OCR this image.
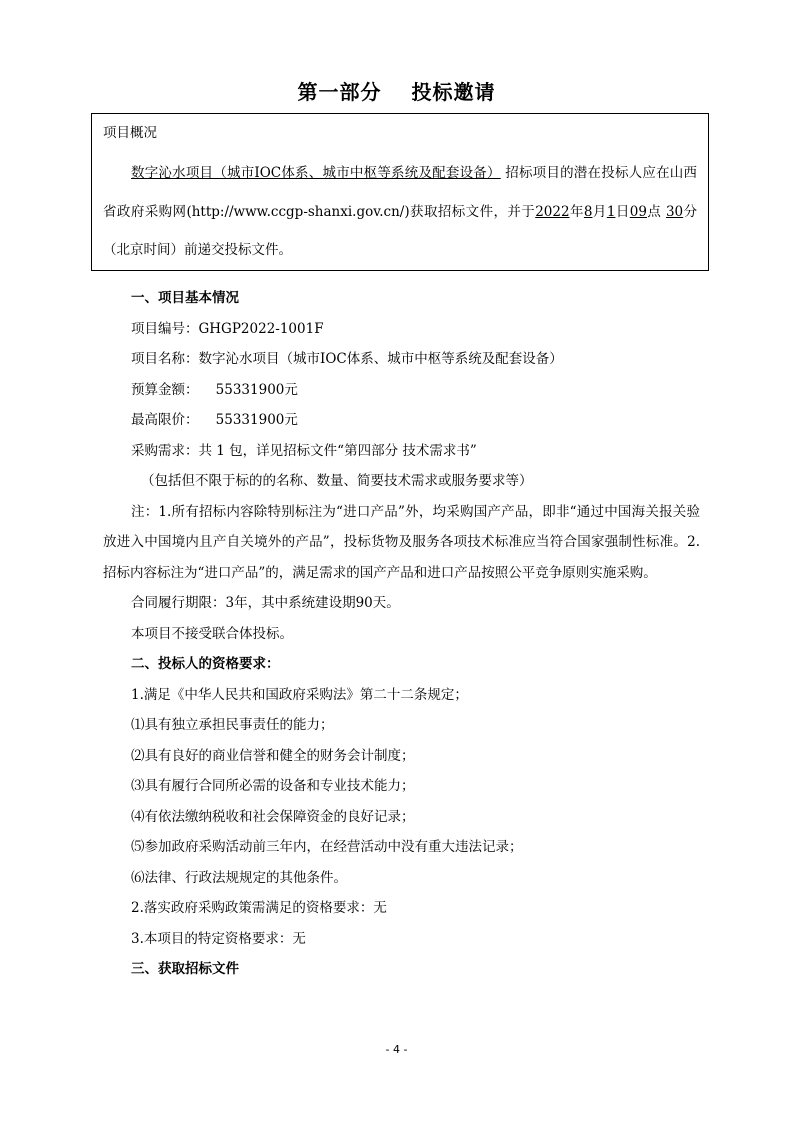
第一部分 投标邀请
项目概况
数字沁水项目（城市IOC体系、城市中枢等系统及配套设备） 招标项目的潜在投标人应在山西省政府采购网(http://www.ccgp-shanxi.gov.cn/)获取招标文件，并于2022年8月1日09点 30分（北京时间）前递交投标文件。
一、项目基本情况
项目编号：GHGP2022-1001F
项目名称：数字沁水项目（城市IOC体系、城市中枢等系统及配套设备）
预算金额：    55331900元
最高限价：    55331900元
采购需求：共 1 包，详见招标文件“第四部分 技术需求书”
（包括但不限于标的的名称、数量、简要技术需求或服务要求等）
注：1.所有招标内容除特别标注为“进口产品”外，均采购国产产品，即非“通过中国海关报关验放进入中国境内且产自关境外的产品”，投标货物及服务各项技术标准应当符合国家强制性标准。2.招标内容标注为“进口产品”的，满足需求的国产产品和进口产品按照公平竞争原则实施采购。
合同履行期限：3年，其中系统建设期90天。
本项目不接受联合体投标。
二、投标人的资格要求：
1.满足《中华人民共和国政府采购法》第二十二条规定；
⑴具有独立承担民事责任的能力；
⑵具有良好的商业信誉和健全的财务会计制度；
⑶具有履行合同所必需的设备和专业技术能力；
⑷有依法缴纳税收和社会保障资金的良好记录；
⑸参加政府采购活动前三年内，在经营活动中没有重大违法记录；
⑹法律、行政法规规定的其他条件。
2.落实政府采购政策需满足的资格要求：无
3.本项目的特定资格要求：无
三、获取招标文件
- 4 -
